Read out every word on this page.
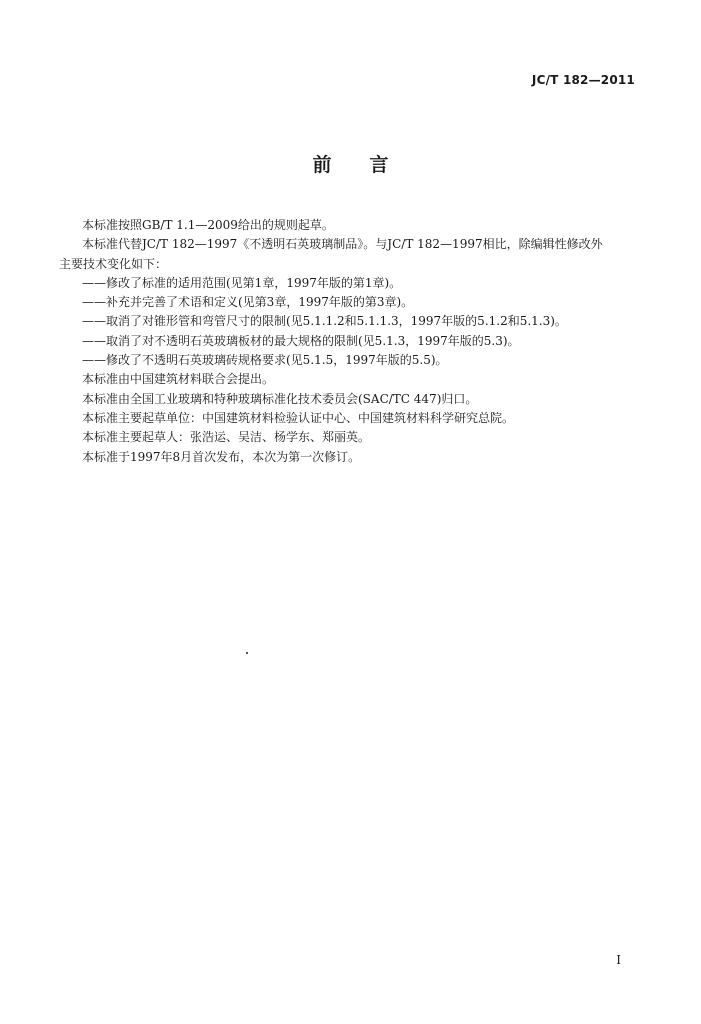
JC/T 182—2011
前言

本标准按照GB/T 1.1—2009给出的规则起草。

本标准代替JC/T 182—1997《不透明石英玻璃制品》。与JC/T 182—1997相比，除编辑性修改外

主要技术变化如下：

——修改了标准的适用范围(见第1章，1997年版的第1章)。

——补充并完善了术语和定义(见第3章，1997年版的第3章)。

——取消了对锥形管和弯管尺寸的限制(见5.1.1.2和5.1.1.3，1997年版的5.1.2和5.1.3)。

——取消了对不透明石英玻璃板材的最大规格的限制(见5.1.3，1997年版的5.3)。

——修改了不透明石英玻璃砖规格要求(见5.1.5，1997年版的5.5)。

本标准由中国建筑材料联合会提出。

本标准由全国工业玻璃和特种玻璃标准化技术委员会(SAC/TC 447)归口。

本标准主要起草单位：中国建筑材料检验认证中心、中国建筑材料科学研究总院。

本标准主要起草人：张浩运、吴洁、杨学东、郑丽英。

本标准于1997年8月首次发布，本次为第一次修订。

I
